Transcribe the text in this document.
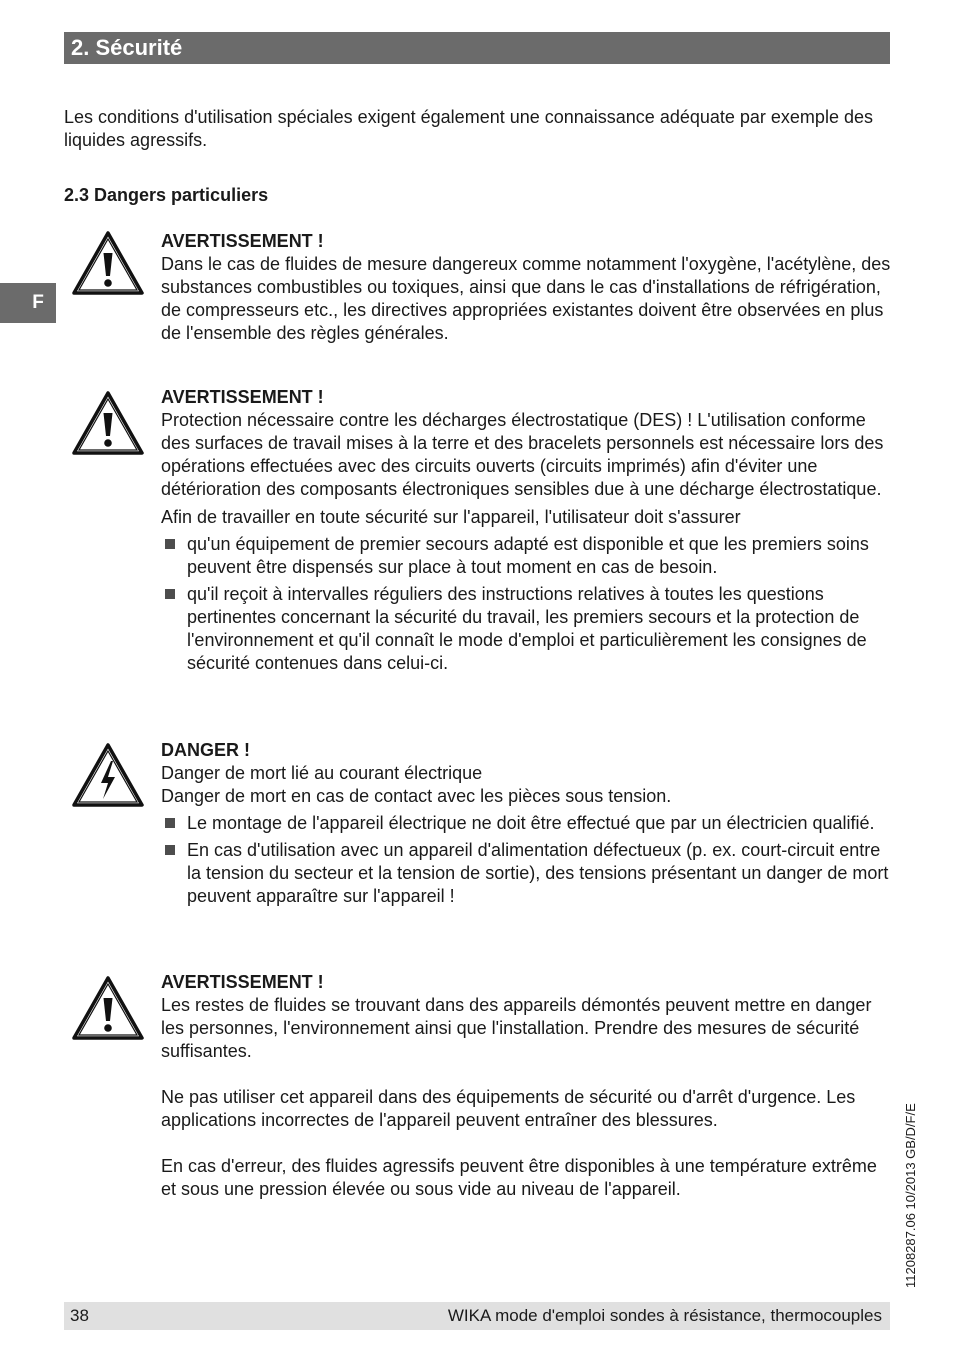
2. Sécurité
F
Les conditions d'utilisation spéciales exigent également une connaissance adéquate par exemple des liquides agressifs.
2.3 Dangers particuliers
AVERTISSEMENT !

Dans le cas de fluides de mesure dangereux comme notamment l'oxygène, l'acétylène, des substances combustibles ou toxiques, ainsi que dans le cas d'installations de réfrigération, de compresseurs etc., les directives appropriées existantes doivent être observées en plus de l'ensemble des règles générales.

AVERTISSEMENT !

Protection nécessaire contre les décharges électrostatique (DES) ! L'utilisation conforme des surfaces de travail mises à la terre et des bracelets personnels est nécessaire lors des opérations effectuées avec des circuits ouverts (circuits imprimés) afin d'éviter une détérioration des composants électroniques sensibles due à une décharge électrostatique.

Afin de travailler en toute sécurité sur l'appareil, l'utilisateur doit s'assurer

qu'un équipement de premier secours adapté est disponible et que les premiers soins peuvent être dispensés sur place à tout moment en cas de besoin.
qu'il reçoit à intervalles réguliers des instructions relatives à toutes les questions pertinentes concernant la sécurité du travail, les premiers secours et la protection de l'environnement et qu'il connaît le mode d'emploi et particulièrement les consignes de sécurité contenues dans celui-ci.
DANGER !

Danger de mort lié au courant électrique

Danger de mort en cas de contact avec les pièces sous tension.

Le montage de l'appareil électrique ne doit être effectué que par un électricien qualifié.
En cas d'utilisation avec un appareil d'alimentation défectueux (p. ex. court-circuit entre la tension du secteur et la tension de sortie), des tensions présentant un danger de mort peuvent apparaître sur l'appareil !
AVERTISSEMENT !

Les restes de fluides se trouvant dans des appareils démontés peuvent mettre en danger les personnes, l'environnement ainsi que l'installation. Prendre des mesures de sécurité suffisantes.

Ne pas utiliser cet appareil dans des équipements de sécurité ou d'arrêt d'urgence. Les applications incorrectes de l'appareil peuvent entraîner des blessures.

En cas d'erreur, des fluides agressifs peuvent être disponibles à une température extrême et sous une pression élevée ou sous vide au niveau de l'appareil.	11208287.06 10/2013 GB/D/F/E
38	WIKA mode d'emploi sondes à résistance, thermocouples
